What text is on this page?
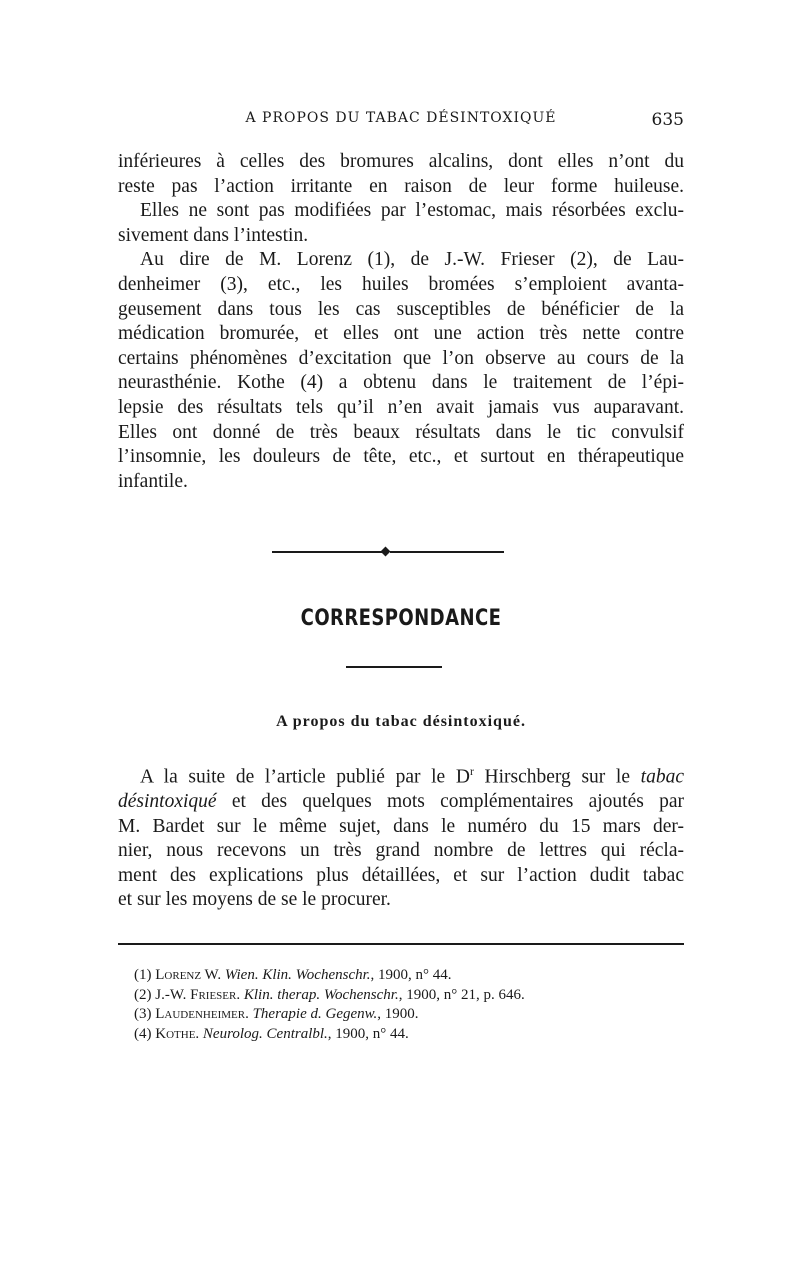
A PROPOS DU TABAC DÉSINTOXIQUÉ	635
inférieures à celles des bromures alcalins, dont elles n’ont du
reste pas l’action irritante en raison de leur forme huileuse.
Elles ne sont pas modifiées par l’estomac, mais résorbées exclu-
sivement dans l’intestin.
Au dire de M. Lorenz (1), de J.-W. Frieser (2), de Lau-
denheimer (3), etc., les huiles bromées s’emploient avanta-
geusement dans tous les cas susceptibles de bénéficier de la
médication bromurée, et elles ont une action très nette contre
certains phénomènes d’excitation que l’on observe au cours de la
neurasthénie. Kothe (4) a obtenu dans le traitement de l’épi-
lepsie des résultats tels qu’il n’en avait jamais vus auparavant.
Elles ont donné de très beaux résultats dans le tic convulsif
l’insomnie, les douleurs de tête, etc., et surtout en thérapeutique
infantile.
CORRESPONDANCE
A propos du tabac désintoxiqué.
A la suite de l’article publié par le $D^r$ Hirschberg sur le tabac
désintoxiqué et des quelques mots complémentaires ajoutés par
M. Bardet sur le même sujet, dans le numéro du 15 mars der-
nier, nous recevons un très grand nombre de lettres qui récla-
ment des explications plus détaillées, et sur l’action dudit tabac
et sur les moyens de se le procurer.
(1) Lorenz W. Wien. Klin. Wochenschr., 1900, n° 44.
(2) J.-W. Frieser. Klin. therap. Wochenschr., 1900, n° 21, p. 646.
(3) Laudenheimer. Therapie d. Gegenw., 1900.
(4) Kothe. Neurolog. Centralbl., 1900, n° 44.
